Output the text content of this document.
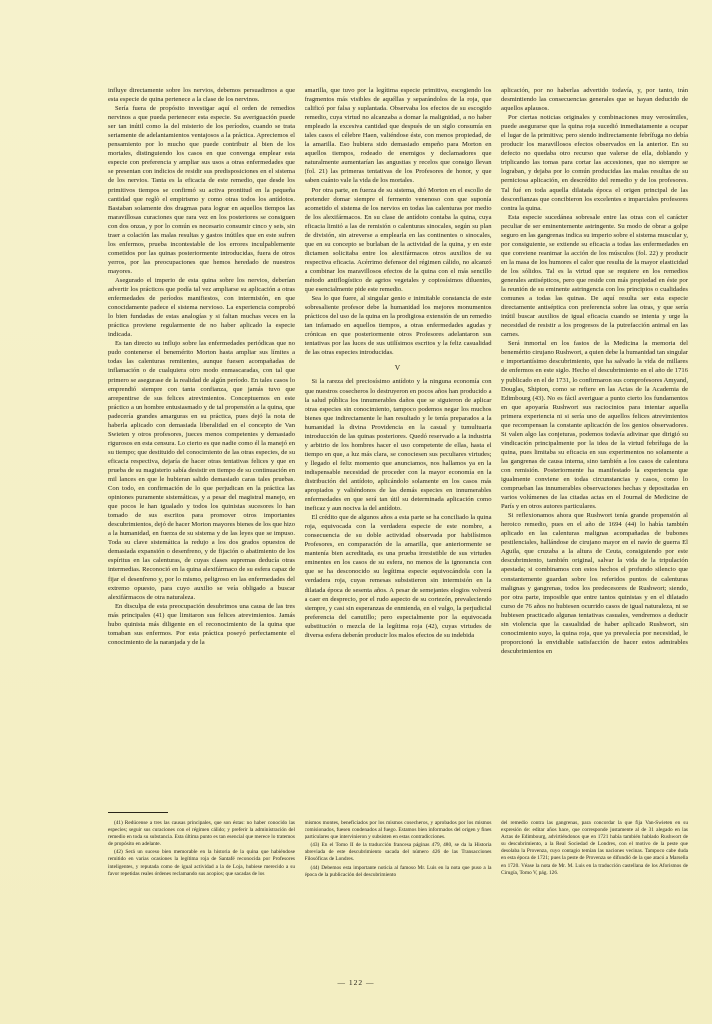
influye directamente sobre los nervios, debemos persuadirnos a que esta especie de quina pertenece a la clase de los nervinos.

Sería fuera de propósito investigar aquí el orden de remedios nervinos a que pueda pertenecer esta especie. Su averiguación puede ser tan inútil como la del misterio de los períodos, cuando se trata seriamente de adelantamientos ventajosos a la práctica. Apreciemos el pensamiento por lo mucho que puede contribuir al bien de los mortales, distinguiendo los casos en que convenga emplear esta especie con preferencia y ampliar sus usos a otras enfermedades que se presentan con indicios de residir sus predisposiciones en el sistema de los nervios. Tanta es la eficacia de este remedio, que desde los primitivos tiempos se confirmó su activa prontitud en la pequeña cantidad que reglò el empirismo y como otras todos los antídotos. Bastaban solamente dos dragmas para lograr en aquellos tiempos las maravillosas curaciones que rara vez en los posteriores se consiguen con dos onzas, y por lo común es necesario consumir cinco y seis, sin traer a colación las malas resultas y gastos inútiles que en este sufren los enfermos, prueba incontestable de los errores inculpablemente cometidos por las quinas posteriormente introducidas, fuera de otros yerros, por las preocupaciones que hemos heredado de nuestros mayores.

Asegurado el imperio de esta quina sobre los nervios, deberían advertir los prácticos que podía tal vez ampliarse su aplicación a otras enfermedades de períodos manifiestos, con intermisión, en que conocidamente padece el sistema nervioso. La experiencia comprobó lo bien fundadas de estas analogías y si faltan muchas veces en la práctica proviene regularmente de no haber aplicado la especie indicada.

Es tan directo su influjo sobre las enfermedades periódicas que no pudo contenerse el benemérito Morton hasta ampliar sus límites a todas las calenturas remitentes, aunque fuesen acompañadas de inflamación o de cualquiera otro modo enmascaradas, con tal que primero se asegurase de la realidad de algún período. En tales casos lo emprendió siempre con tanta confianza, que jamás tuvo que arrepentirse de sus felices atrevimientos. Conceptuemos en este práctico a un hombre entusiasmado y de tal propensión a la quina, que padecería grandes amarguras en su práctica, pues dejó la nota de haberla aplicado con demasiada liberalidad en el concepto de Van Swieten y otros profesores, jueces menos competentes y demasiado rigurosos en esta censura. Lo cierto es que nadie como él la manejó en su tiempo; que destituido del conocimiento de las otras especies, de su eficacia respectiva, dejaría de hacer otras tentativas felices y que en prueba de su magisterio sabía desistir en tiempo de su continuación en mil lances en que le hubieran salido demasiado caras tales pruebas. Con todo, en confirmación de lo que perjudican en la práctica las opiniones puramente sistemáticas, y a pesar del magistral manejo, en que pocos le han igualado y todos los quinistas sucesores lo han tomado de sus escritos para promover otros importantes descubrimientos, dejó de hacer Morton mayores bienes de los que hizo a la humanidad, en fuerza de su sistema y de las leyes que se impuso. Toda su clave sistemática la redujo a los dos grados opuestos de demasiada expansión o desenfreno, y de fijación o abatimiento de los espíritus en las calenturas, de cuyas clases supremas deducía otras intermedias. Reconoció en la quina alexifármaco de su esfera capaz de fijar el desenfreno y, por lo mismo, peligroso en las enfermedades del extremo opuesto, para cuyo auxilio se veía obligado a buscar alexifármacos de otra naturaleza.

En disculpa de esta preocupación desubrimos una causa de las tres más principales (41) que limitaron sus felices atrevimientos. Jamás hubo quinista más diligente en el reconocimiento de la quina que tomaban sus enfermos. Por esta práctica poseyó perfectamente el conocimiento de la naranjada y de la

amarilla, que tuvo por la legítima especie primitiva, escogiendo los fragmentos más visibles de aquéllas y separándolos de la roja, que calificó por falsa y suplantada. Observaba los efectos de su escogido remedio, cuya virtud no alcanzaba a domar la malignidad, a no haber empleado la excesiva cantidad que después de un siglo consumía en tales casos el célebre Haen, valiéndose éste, con menos propiedad, de la amarilla. Eso hubiera sido demasiado empeño para Morton en aquellos tiempos, rodeado de enemigos y declamadores que naturalmente aumentarían las angustias y recelos que consigo llevan (fol. 21) las primeras tentativas de los Profesores de honor, y que saben cuánto vale la vida de los mortales.

Por otra parte, en fuerza de su sistema, dió Morton en el escollo de pretender domar siempre el fermento venenoso con que suponía acometido el sistema de los nervios en todas las calenturas por medio de los alexifármacos. En su clase de antídoto contaba la quina, cuya eficacia limitó a las de remisión o calenturas sinocales, según su plan de división, sin atreverse a emplearla en las continentes o sinocales, que en su concepto se burlaban de la actividad de la quina, y en este dictamen solicitaba entre los alexifármacos otros auxilios de su respectiva eficacia. Acérrimo defensor del régimen cálido, no alcanzó a combinar los maravillosos efectos de la quina con el más sencillo método antiflogístico de agrios vegetales y copiosísimos diluentes, que esencialmente pide este remedio.

Sea lo que fuere, al singular genio e inimitable constancia de este sobresaliente profesor debe la humanidad los mejores monumentos prácticos del uso de la quina en la prodigiosa extensión de un remedio tan infamado en aquellos tiempos, a otras enfermedades agudas y crónicas en que posteriormente otros Profesores adelantaron sus tentativas por las luces de sus utilísimos escritos y la feliz casualidad de las otras especies introducidas.

V

Si la rareza del preciosísimo antídoto y la ninguna economía con que nuestros cosecheros lo destruyeron en pocos años han producido a la salud pública los innumerables daños que se siguieron de aplicar otras especies sin conocimiento, tampoco podemos negar los muchos bienes que indirectamente le han resultado y le tenía preparados a la humanidad la divina Providencia en la casual y tumultuaria introducción de las quinas posteriores. Quedó reservado a la industria y arbitrio de los hombres hacer el uso competente de ellas, hasta el tiempo en que, a luz más clara, se conociesen sus peculiares virtudes; y llegado el feliz momento que anunciamos, nos hallamos ya en la indispensable necesidad de proceder con la mayor economía en la distribución del antídoto, aplicándolo solamente en los casos más apropiados y valiéndonos de las demás especies en innumerables enfermedades en que será tan útil su determinada aplicación como ineficaz y aun nociva la del antídoto.

El crédito que de algunos años a esta parte se ha conciliado la quina roja, equivocada con la verdadera especie de este nombre, a consecuencia de su doble actividad observada por habilísimos Profesores, en comparación de la amarilla, que anteriormente se mantenía bien acreditada, es una prueba irresistible de sus virtudes eminentes en los casos de su esfera, no menos de la ignorancia con que se ha desconocido su legítima especie equivocándola con la verdadera roja, cuyas remesas subsistieron sin intermisión en la dilatada época de sesenta años. A pesar de semejantes elogios volverá a caer en desprecio, por el rudo aspecto de su cortezón, prevaleciendo siempre, y casi sin esperanzas de enmienda, en el vulgo, la perjudicial preferencia del canutillo; pero especialmente por la equivocada substitución o mezcla de la legítima roja (42), cuyas virtudes de diversa esfera deberán producir los malos efectos de su indebida

aplicación, por no haberlas advertido todavía, y, por tanto, irán desmintiendo las consecuencias generales que se hayan deducido de aquellos aplausos.

Por ciertas noticias originales y combinaciones muy verosímiles, puede asegurarse que la quina roja sucedió inmediatamente a ocupar el lugar de la primitiva; pero siendo indirectamente febrífuga no debía producir los maravillosos efectos observados en la anterior. En su defecto no quedaba otro recurso que valerse de ella, doblando y triplicando las tomas para cortar las accesiones, que no siempre se lograban, y dejaba por lo común producidas las malas resultas de su perniciosa aplicación, en descrédito del remedio y de los profesores. Tal fué en toda aquella dilatada época el origen principal de las desconfianzas que concibieron los excelentes e imparciales profesores contra la quina.

Esta especie sucedánea sobresale entre las otras con el carácter peculiar de ser eminentemente astringente. Su modo de obrar a golpe seguro en las gangrenas indica su imperio sobre el sistema muscular y, por consiguiente, se extiende su eficacia a todas las enfermedades en que conviene reanimar la acción de los músculos (fol. 22) y producir en la masa de los humores el calor que resulta de la mayor elasticidad de los sólidos. Tal es la virtud que se requiere en los remedios generales antisépticos, pero que reside con más propiedad en éste por la reunión de su eminente astringencia con los principios o cualidades comunes a todas las quinas. De aquí resulta ser esta especie directamente antiséptica con preferencia sobre las otras, y que sería inútil buscar auxilios de igual eficacia cuando se intenta y urge la necesidad de resistir a los progresos de la putrefacción animal en las carnes.

Será inmortal en los fastos de la Medicina la memoria del benemérito cirujano Rushwort, a quien debe la humanidad tan singular e importantísimo descubrimiento, que ha salvado la vida de millares de enfermos en este siglo. Hecho el descubrimiento en el año de 1716 y publicado en el de 1731, lo confirmaron sus comprofesores Amyand, Douglas, Shipton, como se refiere en las Actas de la Academia de Edimbourg (43). No es fácil averiguar a punto cierto los fundamentos en que apoyaría Rushwort sus raciocinios para intentar aquella primera experiencia ni si sería uno de aquellos felices atrevimientos que recompensan la constante aplicación de los genios observadores. Si valen algo las conjeturas, podemos todavía adivinar que dirigió su vindicación principalmente por la idea de la virtud febrífuga de la quina, pues limitaba su eficacia en sus experimentos no solamente a las gangrenas de causa interna, sino también a los casos de calentura con remisión. Posteriormente ha manifestado la experiencia que igualmente conviene en todas circunstancias y casos, como lo comprueban las innumerables observaciones hechas y depositadas en varios volúmenes de las citadas actas en el Journal de Medicine de París y en otros autores particulares.

Si reflexionamos ahora que Rushwort tenía grande propensión al heroico remedio, pues en el año de 1694 (44) lo había también aplicado en las calenturas malignas acompañadas de bubones pestilenciales, hallándose de cirujano mayor en el navío de guerra El Aguila, que cruzaba a la altura de Ceuta, consiguiendo por este descubrimiento, también original, salvar la vida de la tripulación apestada; si combinamos con estos hechos el profundo silencio que constantemente guardan sobre los referidos puntos de calenturas malignas y gangrenas, todos los predecesores de Rushwort; siendo, por otra parte, imposible que entre tantos quinistas y en el dilatado curso de 76 años no hubiesen ocurrido casos de igual naturaleza, ni se hubiesen practicado algunas tentativas casuales, vendremos a deducir sin violencia que la casualidad de haber aplicado Rushwort, sin conocimiento suyo, la quina roja, que ya prevalecía por necesidad, le proporcionó la envidiable satisfacción de hacer estos admirables descubrimientos en

(41) Redúcense a tres las causas principales, que son éstas: no haber conocido las especies; seguir sus curaciones con el régimen cálido; y preferir la administración del remedio en toda su substancia. Esta última punto es tan esencial que merece lo tratemos de propósito en adelante.

(42) Será un suceso bien memorable en la historia de la quina que habiéndose remitido en varias ocasiones la legítima roja de Santafé reconocida por Profesores inteligentes, y reputada como de igual actividad a la de Loja, hubiese merecido a su favor repetidas reales órdenes reclamando sus acopios; que sacadas de los

mismos montes, beneficiados por los mismos cosecheros, y aprobados por los mismos comisionados, fuesen condenados al fuego. Estamos bien informados del origen y fines particulares que intervinieron y subsisten en estas contradicciones.

(43) En el Tomo II de la traducción francesa páginas 479, 480, se da la Historia abreviada de este descubrimiento sacada del número 426 de las Transacciones Filosóficas de Londres.

(44) Debemos esta importante noticia al famoso Mr. Luis en la nota que puso a la época de la publicación del descubrimiento

del remedio contra las gangrenas, para concordar la que fija Van-Swieten en su expresión de: editar años hace, que corresponde justamente al de 31 alegado en las Actas de Edimbourg, advirtiéndonos que en 1721 había también hablado Rushwort de su descubrimiento, a la Real Sociedad de Londres, con el motivo de la peste que desolaba la Provenza, cuyo contagio temían las naciones vecinas. Tampoco cabe duda en esta época de 1721; pues la peste de Provenza se difundió de la que atacó a Marsella en 1720. Véase la nota de Mr. M. Luis en la traducción castellana de los Aforismos de Cirugía, Tomo V, pág. 126.

— 122 —
